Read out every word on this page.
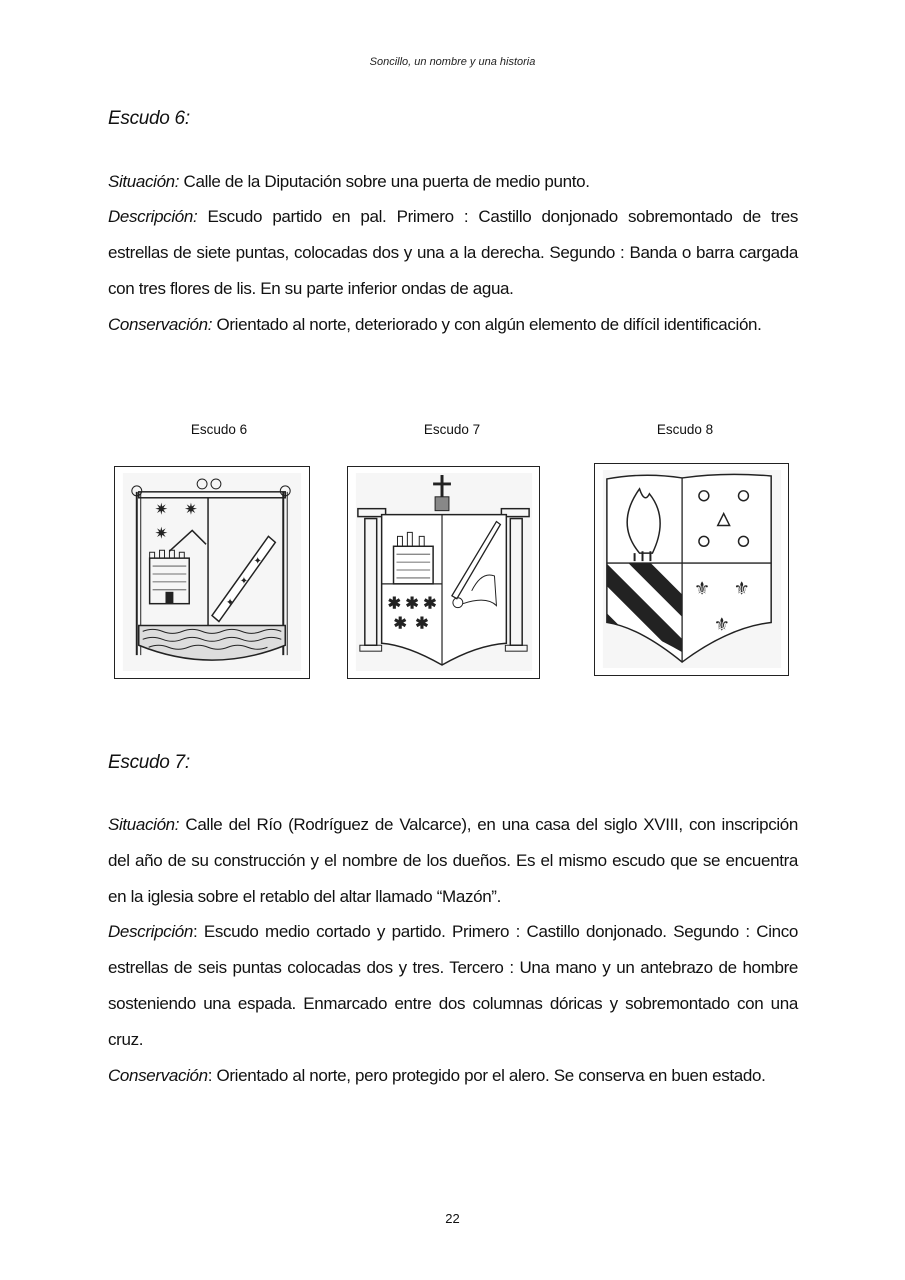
Soncillo, un nombre y una historia
Escudo 6:
Situación: Calle de la Diputación sobre una puerta de medio punto.
Descripción: Escudo partido en pal. Primero : Castillo donjonado sobremontado de tres estrellas de siete puntas, colocadas dos y una a la derecha. Segundo : Banda o barra cargada con tres flores de lis. En su parte inferior ondas de agua.
Conservación: Orientado al norte, deteriorado y con algún elemento de difícil identificación.
Escudo 6	Escudo 7	Escudo 8
✷ ✷
✷
✦
✦
✦
✱ ✱ ✱
✱ ✱
⚜ ⚜
⚜
Escudo 7:
Situación: Calle del Río (Rodríguez de Valcarce), en una casa del siglo XVIII, con inscripción del año de su construcción y el nombre de los dueños. Es el mismo escudo que se encuentra en la iglesia sobre el retablo del altar llamado “Mazón”.
Descripción: Escudo medio cortado y partido. Primero : Castillo donjonado. Segundo : Cinco estrellas de seis puntas colocadas dos y tres. Tercero : Una mano y un antebrazo de hombre sosteniendo una espada. Enmarcado entre dos columnas dóricas y sobremontado con una cruz.
Conservación: Orientado al norte, pero protegido por el alero. Se conserva en buen estado.
22
